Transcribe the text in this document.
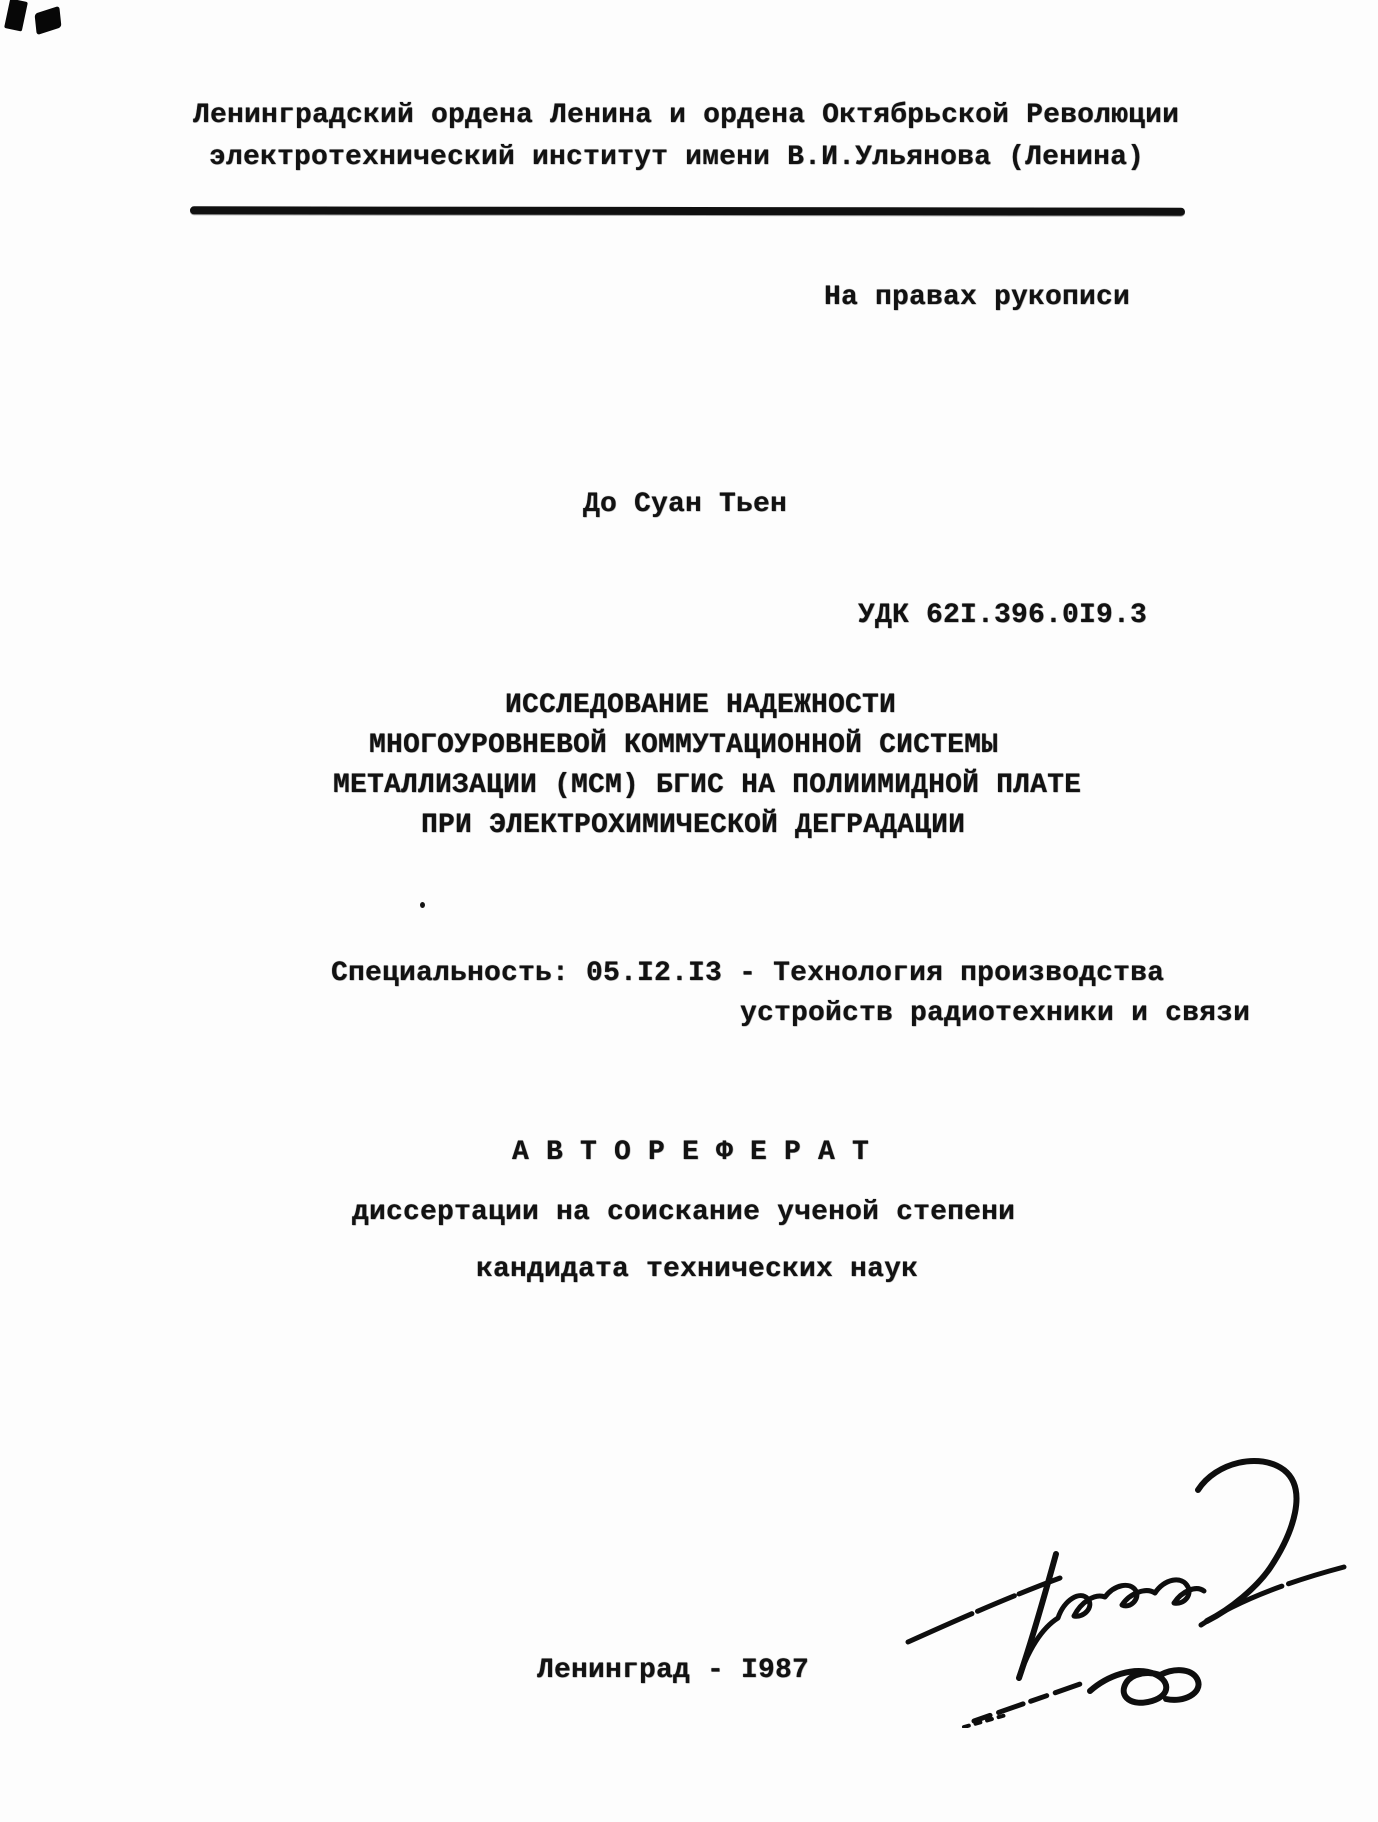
Ленинградский ордена Ленина и ордена Октябрьской Революции
электротехнический институт имени В.И.Ульянова (Ленина)
На правах рукописи
До Суан Тьен
УДК 62I.396.0I9.3
ИССЛЕДОВАНИЕ НАДЕЖНОСТИ
МНОГОУРОВНЕВОЙ КОММУТАЦИОННОЙ СИСТЕМЫ
МЕТАЛЛИЗАЦИИ (МСМ) БГИС НА ПОЛИИМИДНОЙ ПЛАТЕ
ПРИ ЭЛЕКТРОХИМИЧЕСКОЙ ДЕГРАДАЦИИ
Специальность: 05.I2.I3 - Технология производства
устройств радиотехники и связи
А В Т О Р Е Ф Е Р А Т
диссертации на соискание ученой степени
кандидата технических наук
Ленинград - I987
